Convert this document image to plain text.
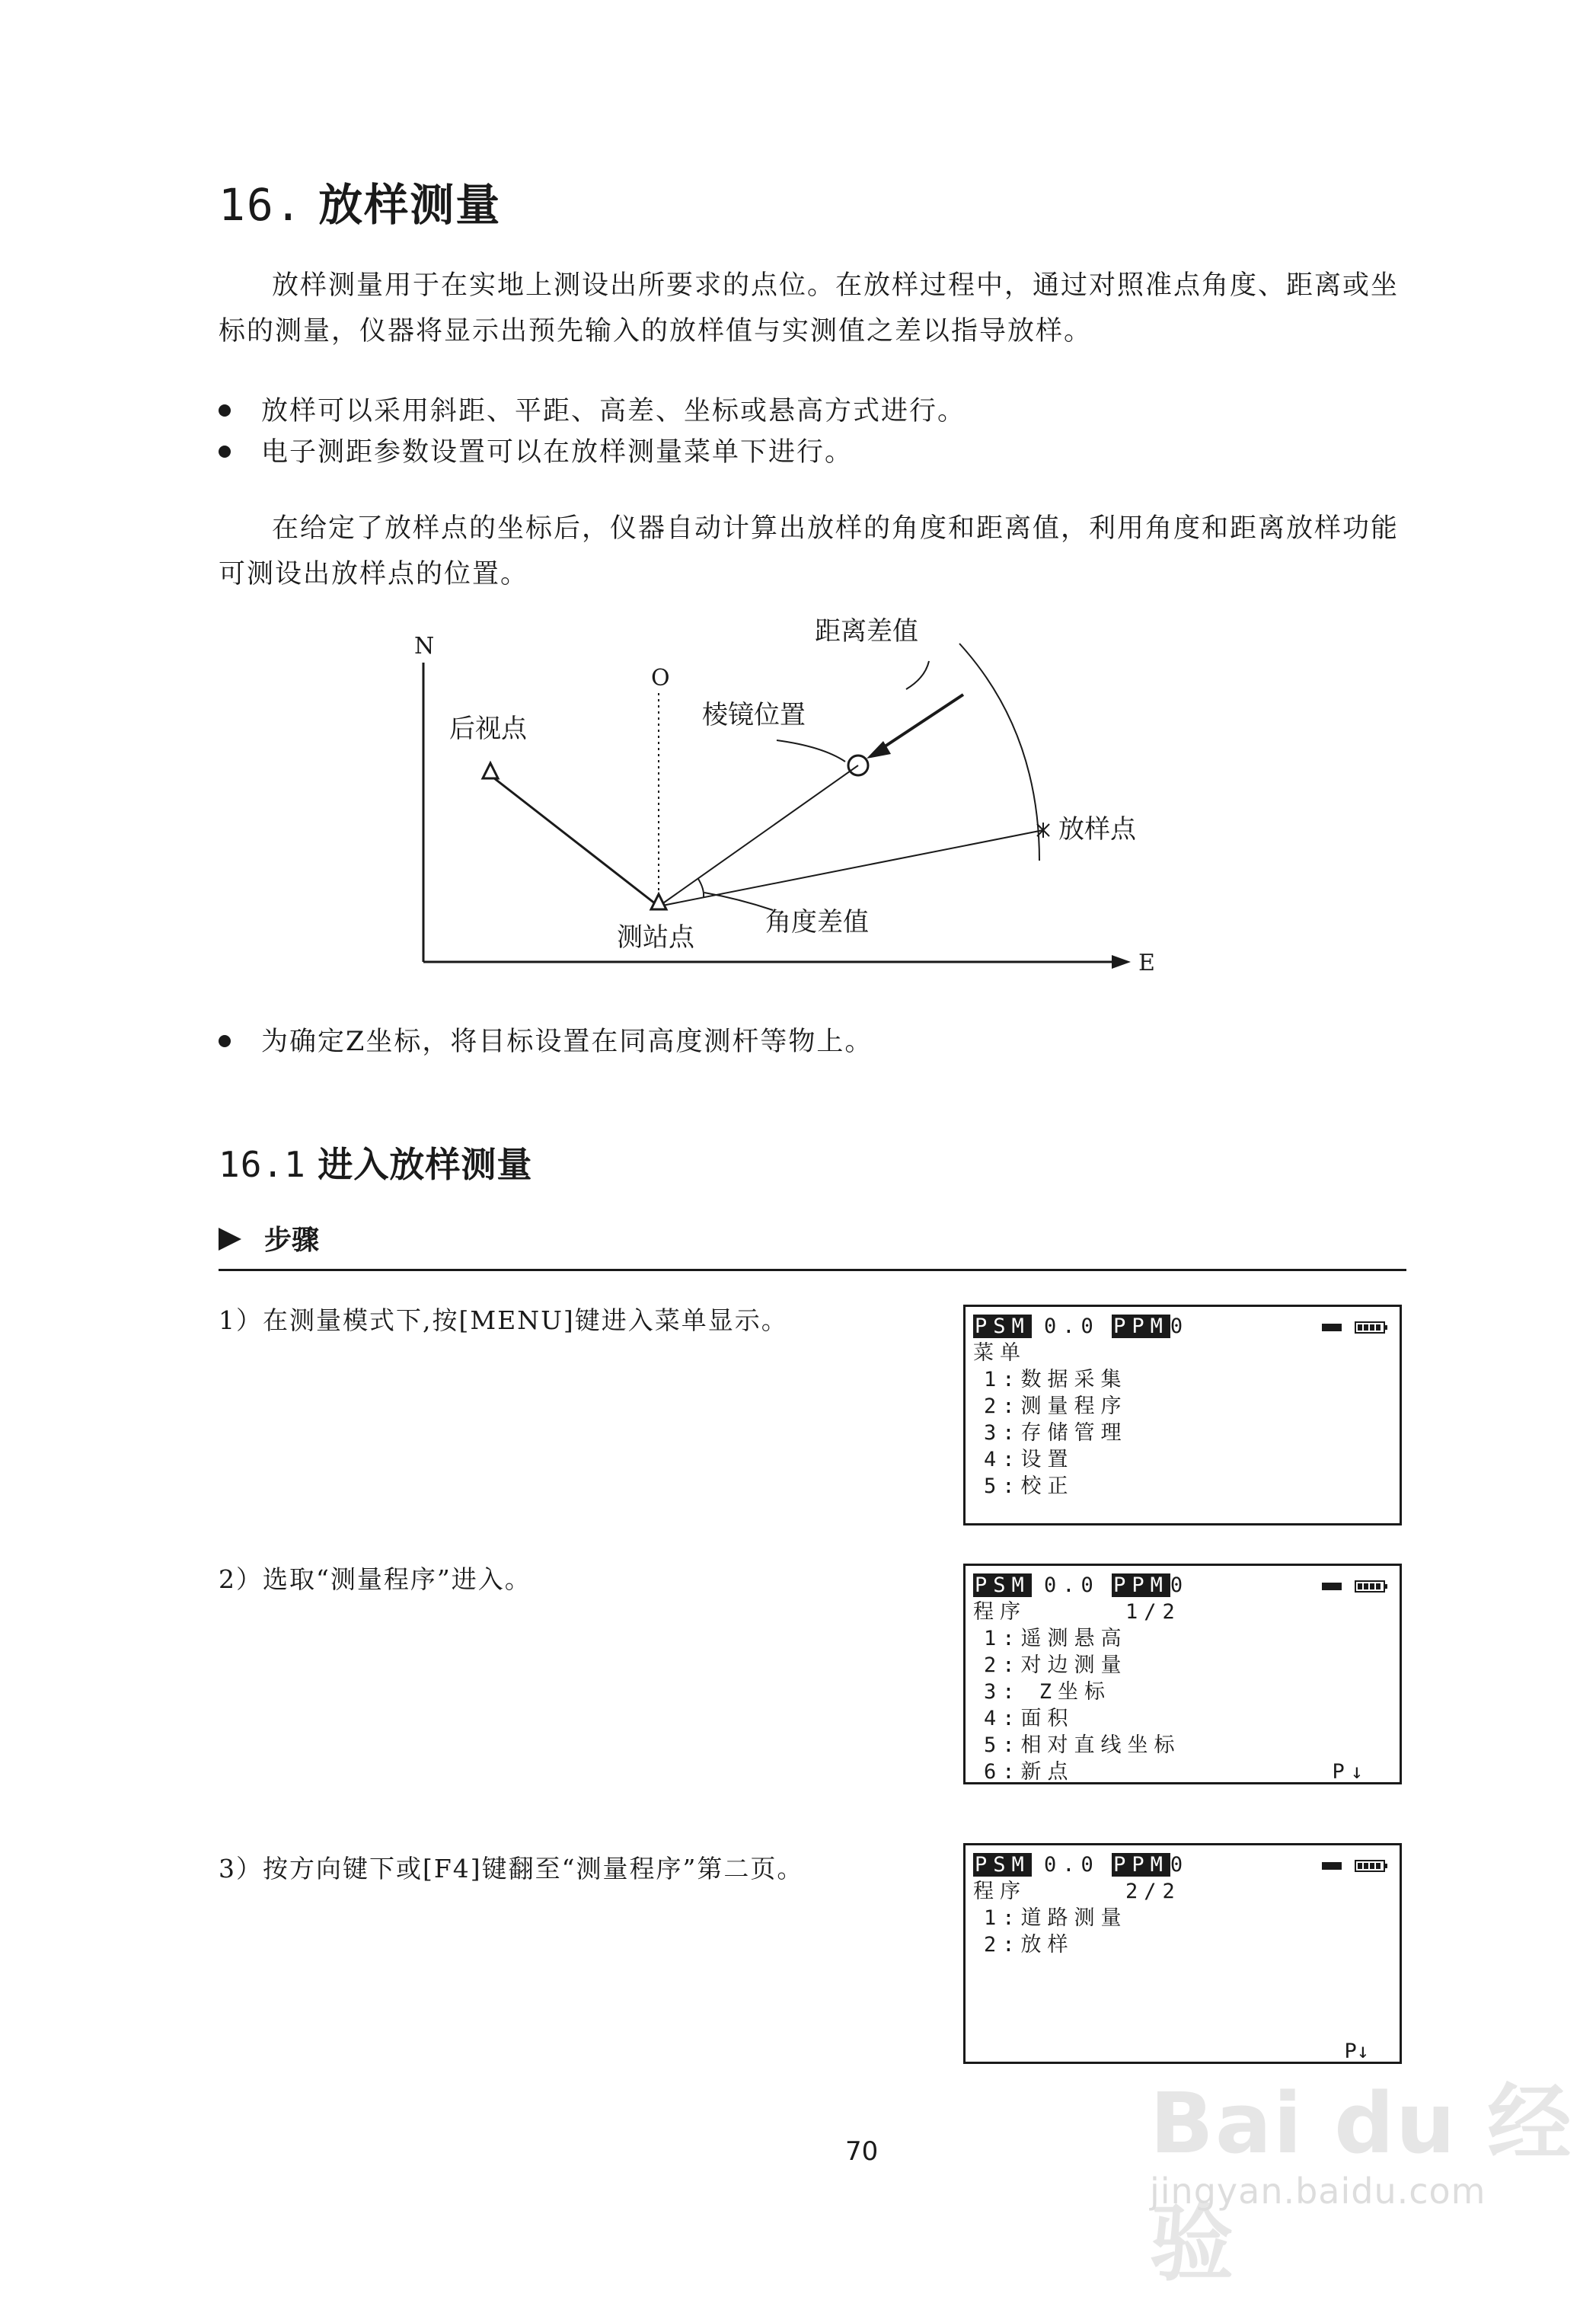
16. 放样测量
放样测量用于在实地上测设出所要求的点位。在放样过程中，通过对照准点角度、距离或坐标的测量，仪器将显示出预先输入的放样值与实测值之差以指导放样。
放样可以采用斜距、平距、高差、坐标或悬高方式进行。
电子测距参数设置可以在放样测量菜单下进行。
在给定了放样点的坐标后，仪器自动计算出放样的角度和距离值，利用角度和距离放样功能可测设出放样点的位置。
N
O
E
后视点
测站点
棱镜位置
距离差值
放样点
角度差值
为确定Z坐标，将目标设置在同高度测杆等物上。
16.1 进入放样测量
步骤
1）在测量模式下,按[MENU]键进入菜单显示。
2）选取“测量程序”进入。
3）按方向键下或[F4]键翻至“测量程序”第二页。
PSM 0.0 PPM0

菜单
1:数据采集
2:测量程序
3:存储管理
4:设置
5:校正
PSM 0.0 PPM0

程序	1/2
1:遥测悬高
2:对边测量
3: Z坐标
4:面积
5:相对直线坐标
6:新点	P↓
PSM 0.0 PPM0

程序	2/2
1:道路测量
2:放样
P↓
70	Bai du 经验
jingyan.baidu.com
